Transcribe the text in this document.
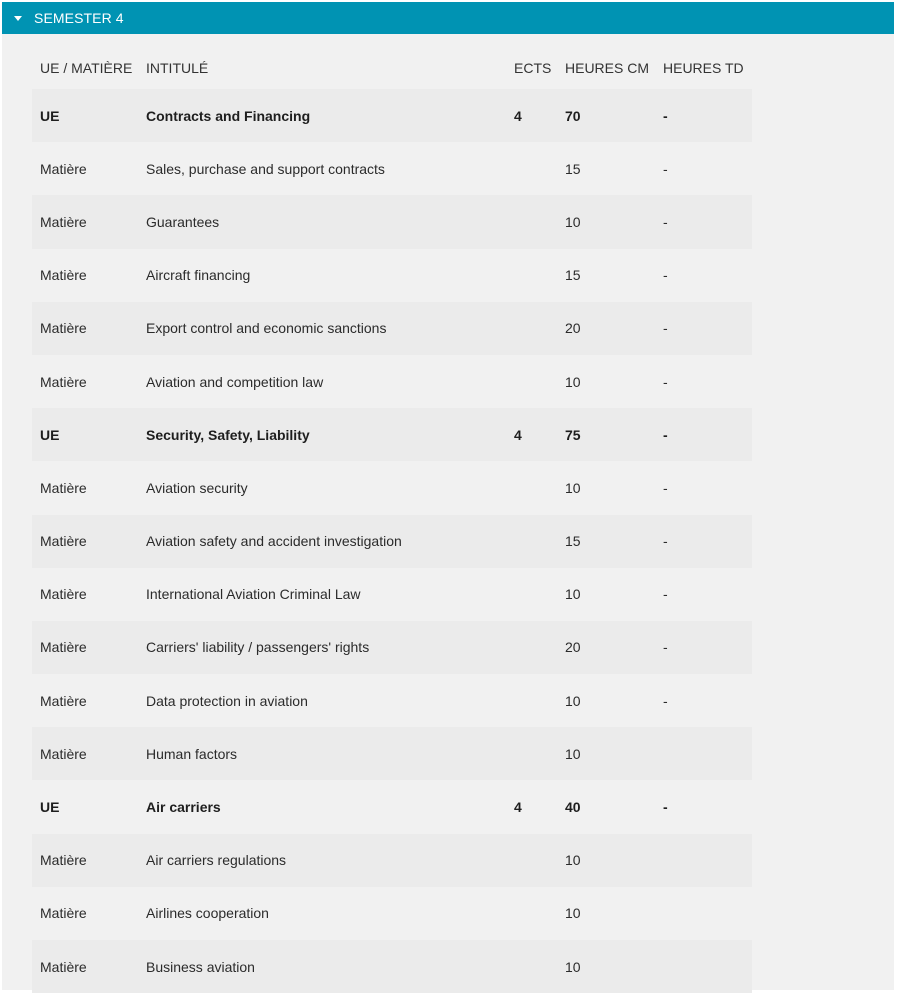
SEMESTER 4
UE / MATIÈRE	INTITULÉ	ECTS	HEURES CM	HEURES TD

UE	Contracts and Financing	4	70	-
Matière	Sales, purchase and support contracts		15	-
Matière	Guarantees		10	-
Matière	Aircraft financing		15	-
Matière	Export control and economic sanctions		20	-
Matière	Aviation and competition law		10	-
UE	Security, Safety, Liability	4	75	-
Matière	Aviation security		10	-
Matière	Aviation safety and accident investigation		15	-
Matière	International Aviation Criminal Law		10	-
Matière	Carriers' liability / passengers' rights		20	-
Matière	Data protection in aviation		10	-
Matière	Human factors		10	
UE	Air carriers	4	40	-
Matière	Air carriers regulations		10	
Matière	Airlines cooperation		10	
Matière	Business aviation		10	
